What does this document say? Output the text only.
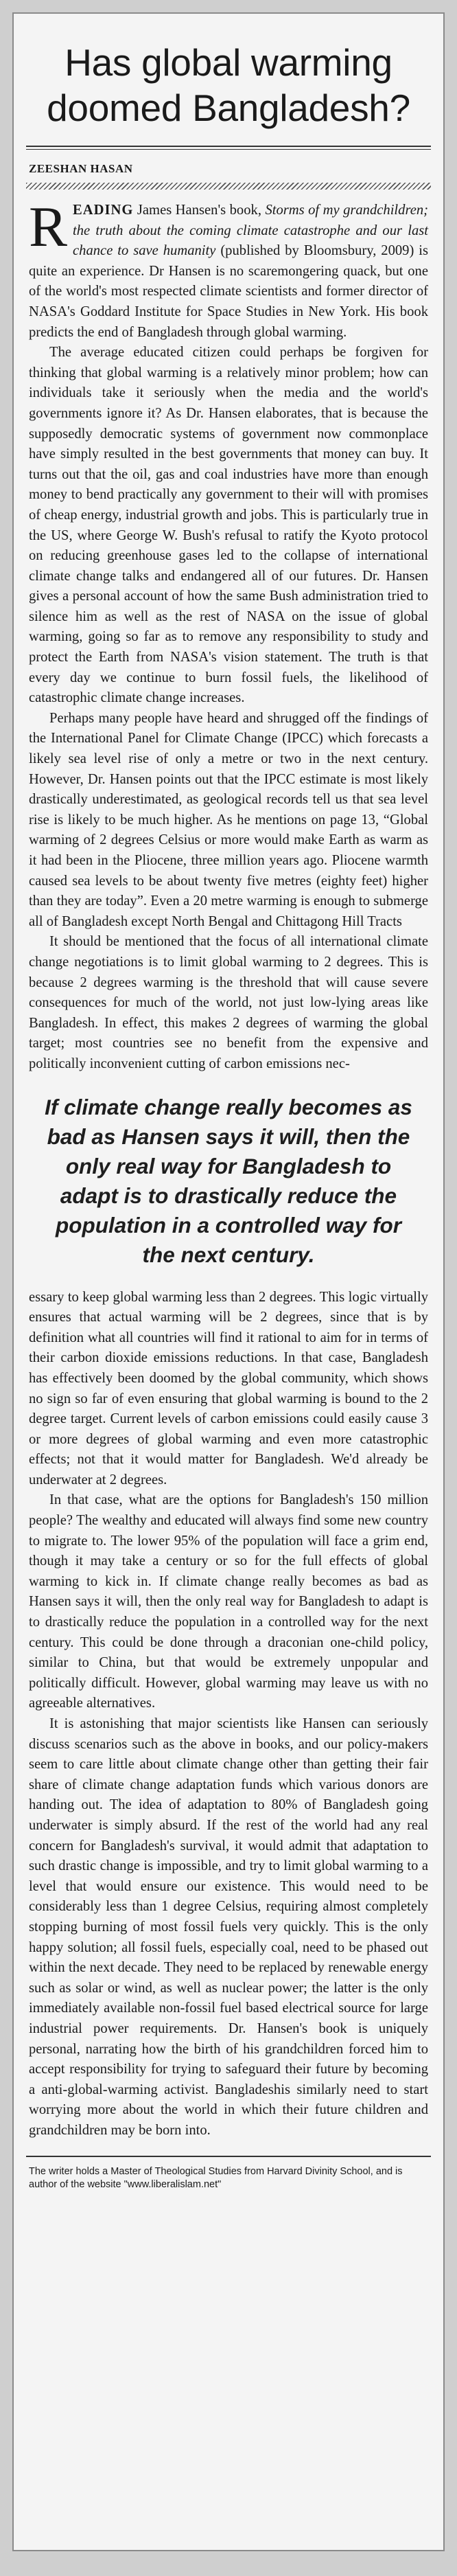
Has global warming
doomed Bangladesh?
ZEESHAN HASAN

READING James Hansen's book, Storms of my grandchildren; the truth about the coming climate catastrophe and our last chance to save humanity (published by Bloomsbury, 2009) is quite an experience. Dr Hansen is no scaremongering quack, but one of the world's most respected climate scientists and former director of NASA's Goddard Institute for Space Studies in New York. His book predicts the end of Bangladesh through global warming.

The average educated citizen could perhaps be forgiven for thinking that global warming is a relatively minor problem; how can individuals take it seriously when the media and the world's governments ignore it? As Dr. Hansen elaborates, that is because the supposedly democratic systems of government now commonplace have simply resulted in the best governments that money can buy. It turns out that the oil, gas and coal industries have more than enough money to bend practically any government to their will with promises of cheap energy, industrial growth and jobs. This is particularly true in the US, where George W. Bush's refusal to ratify the Kyoto protocol on reducing greenhouse gases led to the collapse of international climate change talks and endangered all of our futures. Dr. Hansen gives a personal account of how the same Bush administration tried to silence him as well as the rest of NASA on the issue of global warming, going so far as to remove any responsibility to study and protect the Earth from NASA's vision statement. The truth is that every day we continue to burn fossil fuels, the likelihood of catastrophic climate change increases.

Perhaps many people have heard and shrugged off the findings of the International Panel for Climate Change (IPCC) which forecasts a likely sea level rise of only a metre or two in the next century. However, Dr. Hansen points out that the IPCC estimate is most likely drastically underestimated, as geological records tell us that sea level rise is likely to be much higher. As he mentions on page 13, “Global warming of 2 degrees Celsius or more would make Earth as warm as it had been in the Pliocene, three million years ago. Pliocene warmth caused sea levels to be about twenty five metres (eighty feet) higher than they are today”. Even a 20 metre warming is enough to submerge all of Bangladesh except North Bengal and Chittagong Hill Tracts

It should be mentioned that the focus of all international climate change negotiations is to limit global warming to 2 degrees. This is because 2 degrees warming is the threshold that will cause severe consequences for much of the world, not just low-lying areas like Bangladesh. In effect, this makes 2 degrees of warming the global target; most countries see no benefit from the expensive and politically inconvenient cutting of carbon emissions nec-

If climate change really becomes as bad as Hansen says it will, then the only real way for Bangladesh to adapt is to drastically reduce the population in a controlled way for the next century.

essary to keep global warming less than 2 degrees. This logic virtually ensures that actual warming will be 2 degrees, since that is by definition what all countries will find it rational to aim for in terms of their carbon dioxide emissions reductions. In that case, Bangladesh has effectively been doomed by the global community, which shows no sign so far of even ensuring that global warming is bound to the 2 degree target. Current levels of carbon emissions could easily cause 3 or more degrees of global warming and even more catastrophic effects; not that it would matter for Bangladesh. We'd already be underwater at 2 degrees.

In that case, what are the options for Bangladesh's 150 million people? The wealthy and educated will always find some new country to migrate to. The lower 95% of the population will face a grim end, though it may take a century or so for the full effects of global warming to kick in. If climate change really becomes as bad as Hansen says it will, then the only real way for Bangladesh to adapt is to drastically reduce the population in a controlled way for the next century. This could be done through a draconian one-child policy, similar to China, but that would be extremely unpopular and politically difficult. However, global warming may leave us with no agreeable alternatives.

It is astonishing that major scientists like Hansen can seriously discuss scenarios such as the above in books, and our policy-makers seem to care little about climate change other than getting their fair share of climate change adaptation funds which various donors are handing out. The idea of adaptation to 80% of Bangladesh going underwater is simply absurd. If the rest of the world had any real concern for Bangladesh's survival, it would admit that adaptation to such drastic change is impossible, and try to limit global warming to a level that would ensure our existence. This would need to be considerably less than 1 degree Celsius, requiring almost completely stopping burning of most fossil fuels very quickly. This is the only happy solution; all fossil fuels, especially coal, need to be phased out within the next decade. They need to be replaced by renewable energy such as solar or wind, as well as nuclear power; the latter is the only immediately available non-fossil fuel based electrical source for large industrial power requirements. Dr. Hansen's book is uniquely personal, narrating how the birth of his grandchildren forced him to accept responsibility for trying to safeguard their future by becoming a anti-global-warming activist. Bangladeshis similarly need to start worrying more about the world in which their future children and grandchildren may be born into.

The writer holds a Master of Theological Studies from Harvard Divinity School, and is author of the website "www.liberalislam.net"
